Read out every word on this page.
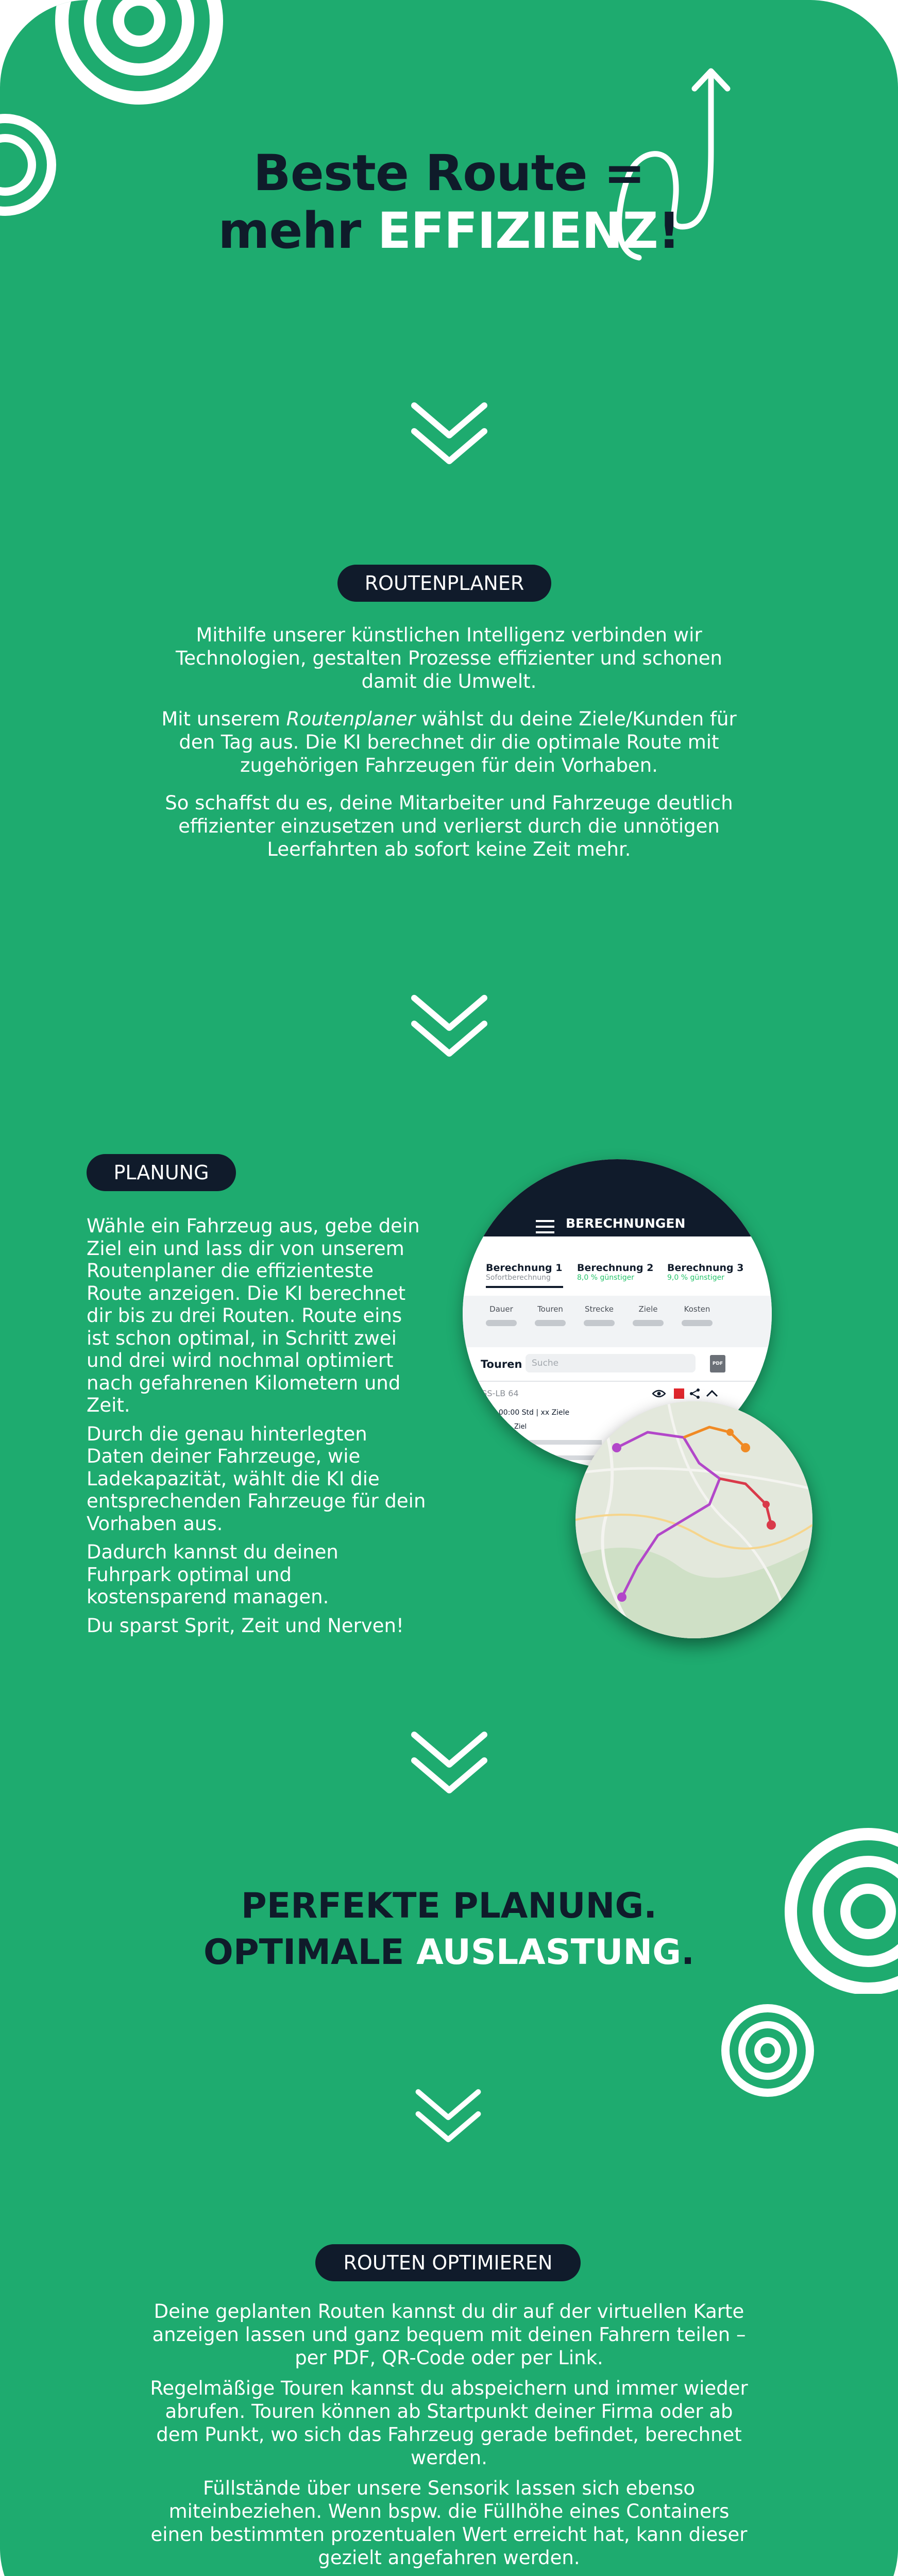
Beste Route =
mehr EFFIZIENZ!
ROUTENPLANER

Mithilfe unserer künstlichen Intelligenz verbinden wir Technologien, gestalten Prozesse effizienter und schonen damit die Umwelt.

Mit unserem Routenplaner wählst du deine Ziele/Kunden für den Tag aus. Die KI berechnet dir die optimale Route mit zugehörigen Fahrzeugen für dein Vorhaben.

So schaffst du es, deine Mitarbeiter und Fahrzeuge deutlich effizienter einzusetzen und verlierst durch die unnötigen Leerfahrten ab sofort keine Zeit mehr.

PLANUNG

Wähle ein Fahrzeug aus, gebe dein Ziel ein und lass dir von unserem Routenplaner die effizienteste Route anzeigen. Die KI berechnet dir bis zu drei Routen. Route eins ist schon optimal, in Schritt zwei und drei wird nochmal optimiert nach gefahrenen Kilometern und Zeit.

Durch die genau hinterlegten Daten deiner Fahrzeuge, wie Ladekapazität, wählt die KI die entsprechenden Fahrzeuge für dein Vorhaben aus.

Dadurch kannst du deinen Fuhrpark optimal und kostensparend managen.

Du sparst Sprit, Zeit und Nerven!

BERECHNUNGEN
Berechnung 1
Sofortberechnung
Berechnung 2
8,0 % günstiger
Berechnung 3
9,0 % günstiger
Dauer	Touren	Strecke	Ziele	Kosten
Touren	Suche	PDF
GS-LB 64
KM | 00:00 Std | xx Ziele
#	Ziel
PERFEKTE PLANUNG.
OPTIMALE AUSLASTUNG.
ROUTEN OPTIMIEREN

Deine geplanten Routen kannst du dir auf der virtuellen Karte anzeigen lassen und ganz bequem mit deinen Fahrern teilen – per PDF, QR-Code oder per Link.

Regelmäßige Touren kannst du abspeichern und immer wieder abrufen. Touren können ab Startpunkt deiner Firma oder ab dem Punkt, wo sich das Fahrzeug gerade befindet, berechnet werden.

Füllstände über unsere Sensorik lassen sich ebenso miteinbeziehen. Wenn bspw. die Füllhöhe eines Containers einen bestimmten prozentualen Wert erreicht hat, kann dieser gezielt angefahren werden.
